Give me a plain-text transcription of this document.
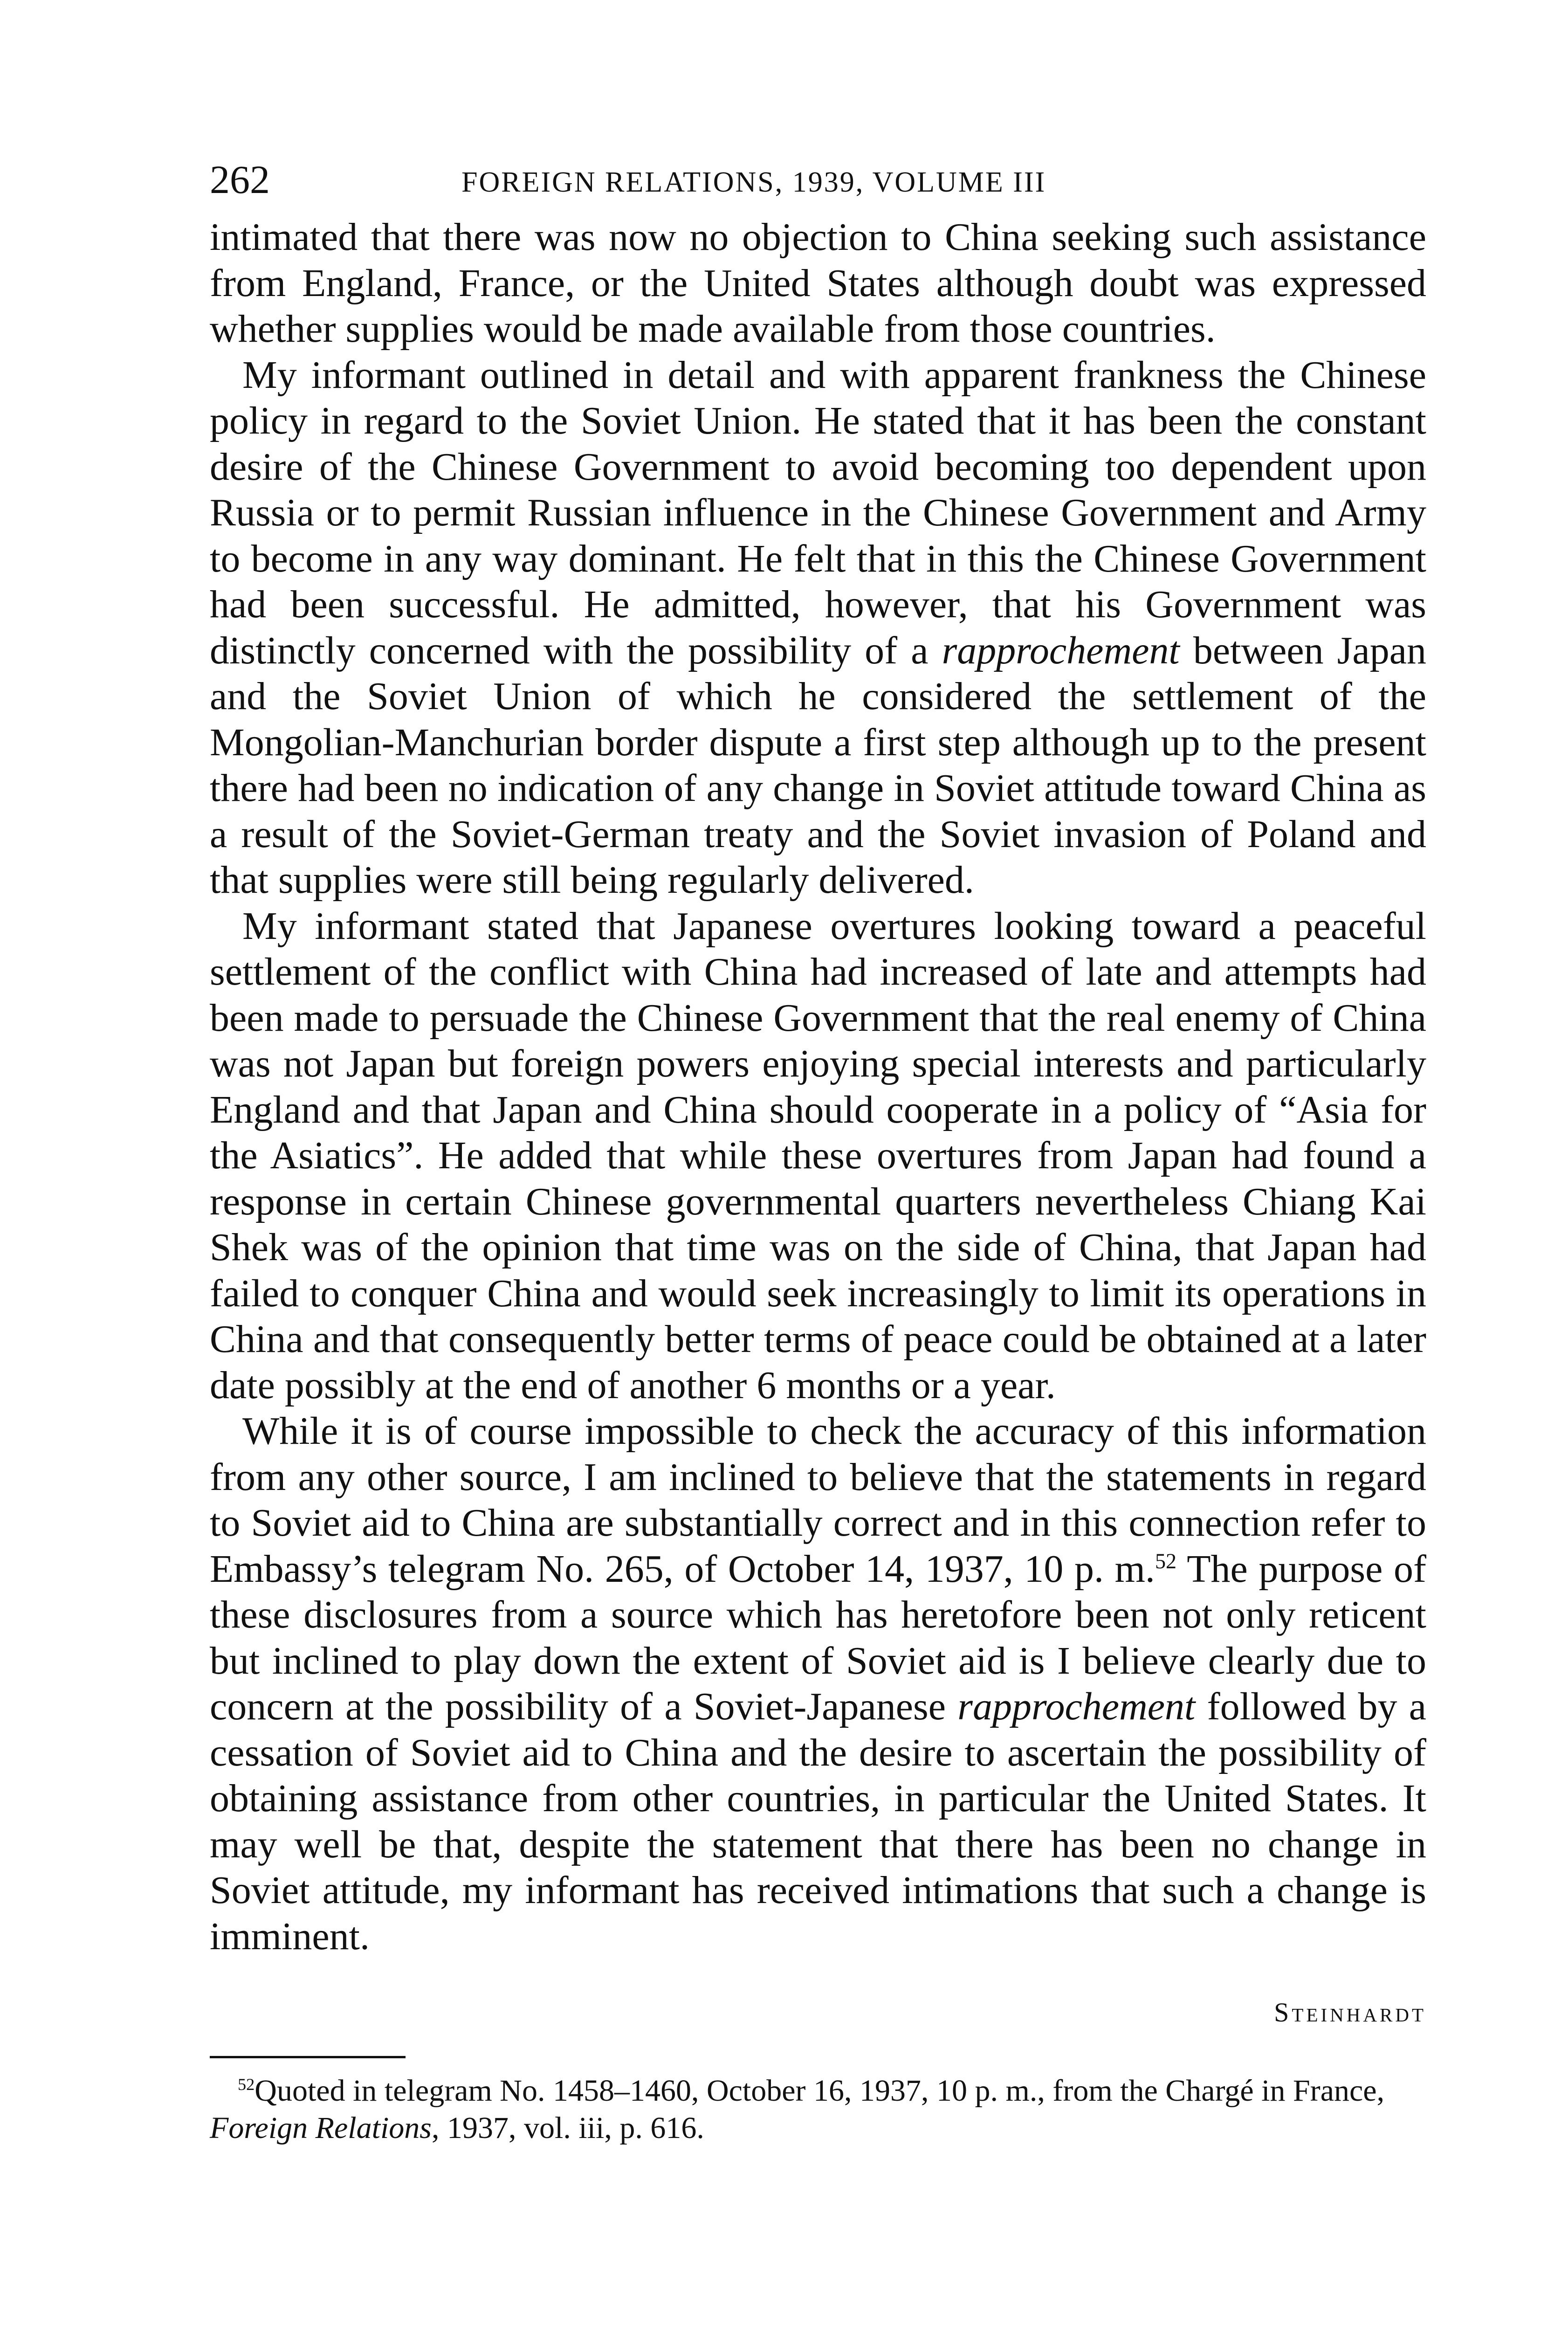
262	FOREIGN RELATIONS, 1939, VOLUME III

intimated that there was now no objection to China seeking such assistance from England, France, or the United States although doubt was expressed whether supplies would be made available from those countries.

My informant outlined in detail and with apparent frankness the Chinese policy in regard to the Soviet Union. He stated that it has been the constant desire of the Chinese Government to avoid becoming too dependent upon Russia or to permit Russian influence in the Chinese Government and Army to become in any way dominant. He felt that in this the Chinese Government had been successful. He admitted, however, that his Government was distinctly concerned with the possibility of a rapprochement between Japan and the Soviet Union of which he considered the settlement of the Mongolian-Manchurian border dispute a first step although up to the present there had been no indication of any change in Soviet attitude toward China as a result of the Soviet-German treaty and the Soviet invasion of Poland and that supplies were still being regularly delivered.

My informant stated that Japanese overtures looking toward a peaceful settlement of the conflict with China had increased of late and attempts had been made to persuade the Chinese Government that the real enemy of China was not Japan but foreign powers enjoying special interests and particularly England and that Japan and China should cooperate in a policy of “Asia for the Asiatics”. He added that while these overtures from Japan had found a response in certain Chinese governmental quarters nevertheless Chiang Kai Shek was of the opinion that time was on the side of China, that Japan had failed to conquer China and would seek increasingly to limit its operations in China and that consequently better terms of peace could be obtained at a later date possibly at the end of another 6 months or a year.

While it is of course impossible to check the accuracy of this information from any other source, I am inclined to believe that the statements in regard to Soviet aid to China are substantially correct and in this connection refer to Embassy’s telegram No. 265, of October 14, 1937, 10 p. m.$^{52}$ The purpose of these disclosures from a source which has heretofore been not only reticent but inclined to play down the extent of Soviet aid is I believe clearly due to concern at the possibility of a Soviet-Japanese rapprochement followed by a cessation of Soviet aid to China and the desire to ascertain the possibility of obtaining assistance from other countries, in particular the United States. It may well be that, despite the statement that there has been no change in Soviet attitude, my informant has received intimations that such a change is imminent.

Steinhardt
$^{52}$Quoted in telegram No. 1458–1460, October 16, 1937, 10 p. m., from the Chargé in France, Foreign Relations, 1937, vol. iii, p. 616.
